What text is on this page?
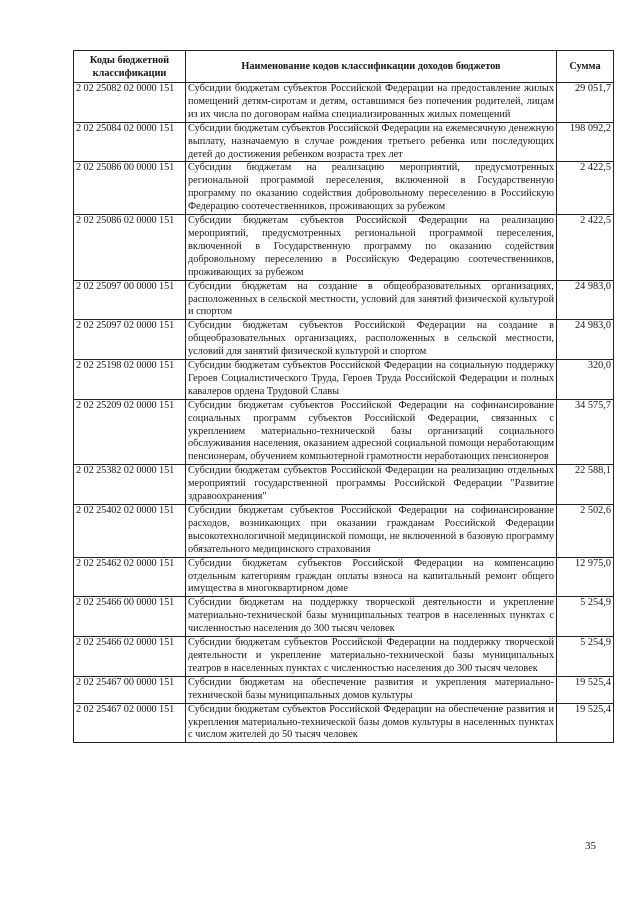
Коды бюджетной классификации	Наименование кодов классификации доходов бюджетов	Сумма
2 02 25082 02 0000 151	Субсидии бюджетам субъектов Российской Федерации на предоставление жилых помещений детям-сиротам и детям, оставшимся без попечения родителей, лицам из их числа по договорам найма специализированных жилых помещений	29 051,7
2 02 25084 02 0000 151	Субсидии бюджетам субъектов Российской Федерации на ежемесячную денежную выплату, назначаемую в случае рождения третьего ребенка или последующих детей до достижения ребенком возраста трех лет	198 092,2
2 02 25086 00 0000 151	Субсидии бюджетам на реализацию мероприятий, предусмотренных региональной программой переселения, включенной в Государственную программу по оказанию содействия добровольному переселению в Российскую Федерацию соотечественников, проживающих за рубежом	2 422,5
2 02 25086 02 0000 151	Субсидии бюджетам субъектов Российской Федерации на реализацию мероприятий, предусмотренных региональной программой переселения, включенной в Государственную программу по оказанию содействия добровольному переселению в Российскую Федерацию соотечественников, проживающих за рубежом	2 422,5
2 02 25097 00 0000 151	Субсидии бюджетам на создание в общеобразовательных организациях, расположенных в сельской местности, условий для занятий физической культурой и спортом	24 983,0
2 02 25097 02 0000 151	Субсидии бюджетам субъектов Российской Федерации на создание в общеобразовательных организациях, расположенных в сельской местности, условий для занятий физической культурой и спортом	24 983,0
2 02 25198 02 0000 151	Субсидии бюджетам субъектов Российской Федерации на социальную поддержку Героев Социалистического Труда, Героев Труда Российской Федерации и полных кавалеров ордена Трудовой Славы	320,0
2 02 25209 02 0000 151	Субсидии бюджетам субъектов Российской Федерации на софинансирование социальных программ субъектов Российской Федерации, связанных с укреплением материально-технической базы организаций социального обслуживания населения, оказанием адресной социальной помощи неработающим пенсионерам, обучением компьютерной грамотности неработающих пенсионеров	34 575,7
2 02 25382 02 0000 151	Субсидии бюджетам субъектов Российской Федерации на реализацию отдельных мероприятий государственной программы Российской Федерации "Развитие здравоохранения"	22 588,1
2 02 25402 02 0000 151	Субсидии бюджетам субъектов Российской Федерации на софинансирование расходов, возникающих при оказании гражданам Российской Федерации высокотехнологичной медицинской помощи, не включенной в базовую программу обязательного медицинского страхования	2 502,6
2 02 25462 02 0000 151	Субсидии бюджетам субъектов Российской Федерации на компенсацию отдельным категориям граждан оплаты взноса на капитальный ремонт общего имущества в многоквартирном доме	12 975,0
2 02 25466 00 0000 151	Субсидии бюджетам на поддержку творческой деятельности и укрепление материально-технической базы муниципальных театров в населенных пунктах с численностью населения до 300 тысяч человек	5 254,9
2 02 25466 02 0000 151	Субсидии бюджетам субъектов Российской Федерации на поддержку творческой деятельности и укрепление материально-технической базы муниципальных театров в населенных пунктах с численностью населения до 300 тысяч человек	5 254,9
2 02 25467 00 0000 151	Субсидии бюджетам на обеспечение развития и укрепления материально-технической базы муниципальных домов культуры	19 525,4
2 02 25467 02 0000 151	Субсидии бюджетам субъектов Российской Федерации на обеспечение развития и укрепления материально-технической базы домов культуры в населенных пунктах с числом жителей до 50 тысяч человек	19 525,4
35
